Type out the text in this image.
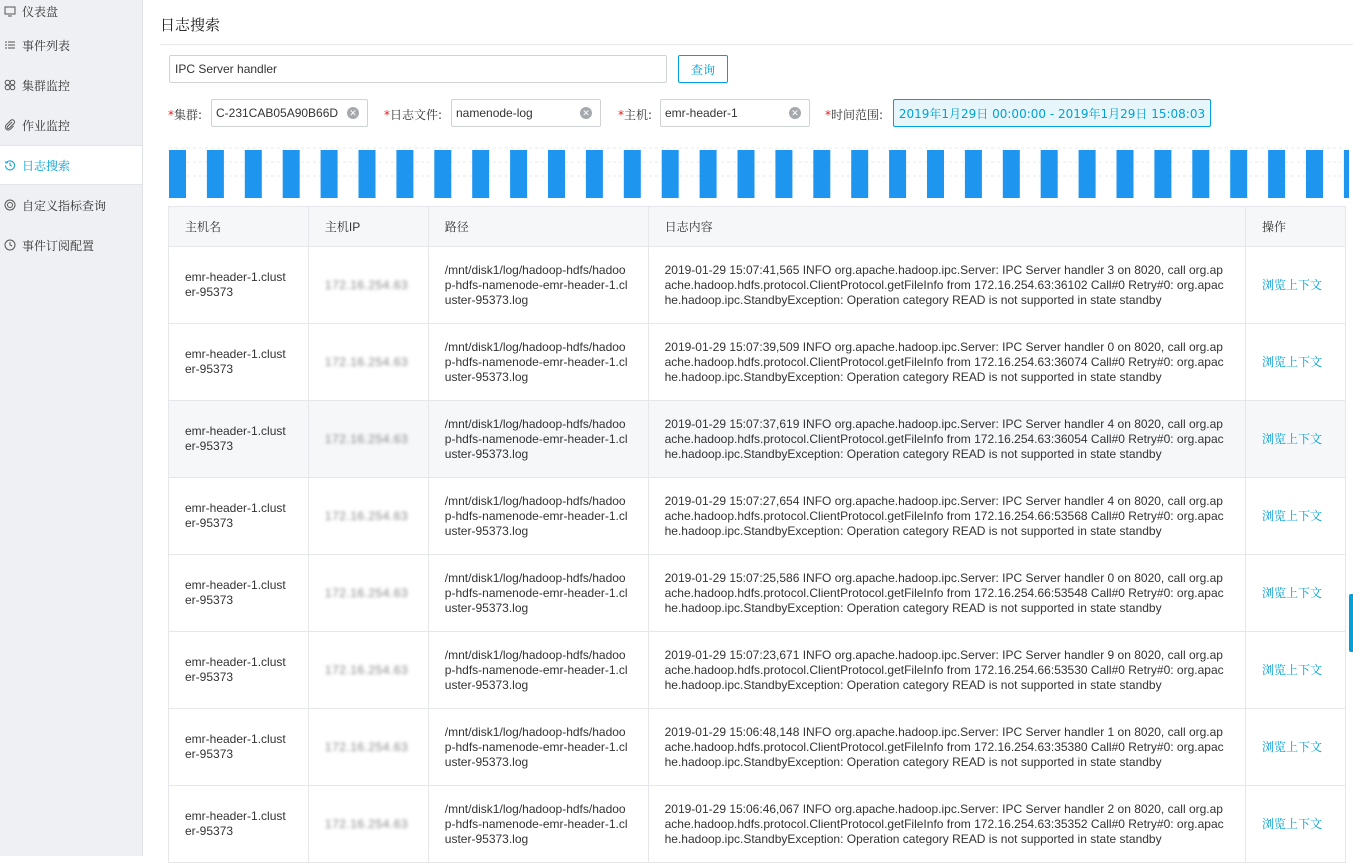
仪表盘
事件列表
集群监控
作业监控
日志搜索
自定义指标查询
事件订阅配置
日志搜索
IPC Server handler
查询
*集群: C-231CAB05A90B66D	✕ *日志文件: namenode-log	✕ *主机: emr-header-1	✕ *时间范围:	2019年1月29日 00:00:00 - 2019年1月29日 15:08:03
主机名	主机IP	路径	日志内容	操作
emr-header-1.cluster-95373	172.16.254.63	/mnt/disk1/log/hadoop-hdfs/hadoop-hdfs-namenode-emr-header-1.cluster-95373.log	2019-01-29 15:07:41,565 INFO org.apache.hadoop.ipc.Server: IPC Server handler 3 on 8020, call org.apache.hadoop.hdfs.protocol.ClientProtocol.getFileInfo from 172.16.254.63:36102 Call#0 Retry#0: org.apache.hadoop.ipc.StandbyException: Operation category READ is not supported in state standby	浏览上下文
emr-header-1.cluster-95373	172.16.254.63	/mnt/disk1/log/hadoop-hdfs/hadoop-hdfs-namenode-emr-header-1.cluster-95373.log	2019-01-29 15:07:39,509 INFO org.apache.hadoop.ipc.Server: IPC Server handler 0 on 8020, call org.apache.hadoop.hdfs.protocol.ClientProtocol.getFileInfo from 172.16.254.63:36074 Call#0 Retry#0: org.apache.hadoop.ipc.StandbyException: Operation category READ is not supported in state standby	浏览上下文
emr-header-1.cluster-95373	172.16.254.63	/mnt/disk1/log/hadoop-hdfs/hadoop-hdfs-namenode-emr-header-1.cluster-95373.log	2019-01-29 15:07:37,619 INFO org.apache.hadoop.ipc.Server: IPC Server handler 4 on 8020, call org.apache.hadoop.hdfs.protocol.ClientProtocol.getFileInfo from 172.16.254.63:36054 Call#0 Retry#0: org.apache.hadoop.ipc.StandbyException: Operation category READ is not supported in state standby	浏览上下文
emr-header-1.cluster-95373	172.16.254.63	/mnt/disk1/log/hadoop-hdfs/hadoop-hdfs-namenode-emr-header-1.cluster-95373.log	2019-01-29 15:07:27,654 INFO org.apache.hadoop.ipc.Server: IPC Server handler 4 on 8020, call org.apache.hadoop.hdfs.protocol.ClientProtocol.getFileInfo from 172.16.254.66:53568 Call#0 Retry#0: org.apache.hadoop.ipc.StandbyException: Operation category READ is not supported in state standby	浏览上下文
emr-header-1.cluster-95373	172.16.254.63	/mnt/disk1/log/hadoop-hdfs/hadoop-hdfs-namenode-emr-header-1.cluster-95373.log	2019-01-29 15:07:25,586 INFO org.apache.hadoop.ipc.Server: IPC Server handler 0 on 8020, call org.apache.hadoop.hdfs.protocol.ClientProtocol.getFileInfo from 172.16.254.66:53548 Call#0 Retry#0: org.apache.hadoop.ipc.StandbyException: Operation category READ is not supported in state standby	浏览上下文
emr-header-1.cluster-95373	172.16.254.63	/mnt/disk1/log/hadoop-hdfs/hadoop-hdfs-namenode-emr-header-1.cluster-95373.log	2019-01-29 15:07:23,671 INFO org.apache.hadoop.ipc.Server: IPC Server handler 9 on 8020, call org.apache.hadoop.hdfs.protocol.ClientProtocol.getFileInfo from 172.16.254.66:53530 Call#0 Retry#0: org.apache.hadoop.ipc.StandbyException: Operation category READ is not supported in state standby	浏览上下文
emr-header-1.cluster-95373	172.16.254.63	/mnt/disk1/log/hadoop-hdfs/hadoop-hdfs-namenode-emr-header-1.cluster-95373.log	2019-01-29 15:06:48,148 INFO org.apache.hadoop.ipc.Server: IPC Server handler 1 on 8020, call org.apache.hadoop.hdfs.protocol.ClientProtocol.getFileInfo from 172.16.254.63:35380 Call#0 Retry#0: org.apache.hadoop.ipc.StandbyException: Operation category READ is not supported in state standby	浏览上下文
emr-header-1.cluster-95373	172.16.254.63	/mnt/disk1/log/hadoop-hdfs/hadoop-hdfs-namenode-emr-header-1.cluster-95373.log	2019-01-29 15:06:46,067 INFO org.apache.hadoop.ipc.Server: IPC Server handler 2 on 8020, call org.apache.hadoop.hdfs.protocol.ClientProtocol.getFileInfo from 172.16.254.63:35352 Call#0 Retry#0: org.apache.hadoop.ipc.StandbyException: Operation category READ is not supported in state standby	浏览上下文
